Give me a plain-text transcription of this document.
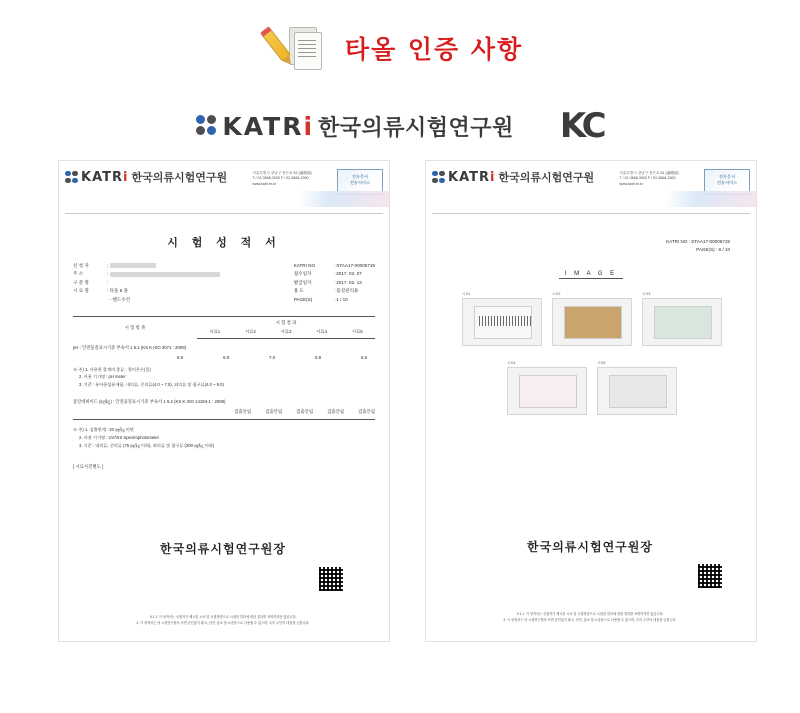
타올 인증 사항
KATRi 한국의류시험연구원 KC
KATRi 한국의류시험연구원	서울특별시 강남구 봉은로 51 (論峴洞)
T / 02-3668-3000 F / 02-3668-2900
www.katri.re.kr
전자문서
전송서비스
시 험 성 적 서
신 청 자	:
주 소	:
구 분 명	:
시 료 명	: 타올 5 종
- 핸드수건
KATRI NO	: STAA17-00006719
접수일자	: 2017. 02. 07
발급일자	: 2017. 02. 13
용 도	: 품질관리용
PAGE(S)	: 1 / 10
시 험 항 목	시 험 결 과				
	시료1	시료2	시료3	시료4	시료5
pH : 안전품질표시기준 부속서 1 5.1 (KS K ISO 3071 : 2009)
6.9	6.8	7.0	6.8	6.5
※ 주) 1. 사용한 물계의 종류 : 혈이온수(물)
2. 사용 기기명 : pH meter
3. 기준 : 유아용섬유제품, 내의류, 중의류(4.0 ~ 7.5), 외의류 및 침구류(4.0 ~ 9.0)
폼알데하이드 (㎎/㎏) : 안전품질표시기준 부속서 1 5.2 (KS K ISO 14184-1 : 2009)
검출안됨	검출안됨	검출안됨	검출안됨	검출안됨
※ 주) 1. 검출한계 : 20 ㎎/㎏ 미만
2. 사용 기기명 : UV/VIS Spectrophotometer
3. 기준 : 내의류, 중의류 (75 ㎎/㎏ 이하), 외의류 및 침구류 (300 ㎎/㎏ 이하)
[ 시료사진별도 ]
KATRi 한국의류시험연구원	서울특별시 강남구 봉은로 51 (論峴洞)
T / 02-3668-3000 F / 02-3668-2900
www.katri.re.kr
전자문서
전송서비스
KATRI NO : STAA17-00006719
PAGE(S) : 8 / 10
I M A G E
시료1	시료2	시료3
시료4	시료5
한국의류시험연구원장
※1 1. 이 성적서는 신청자가 제시한 시료 및 시험방법으로 시험한 결과에 대한 결과를 표명하지만 않습니다.
2. 이 성적서는 당 시험연구원의 서면 승인없이 광고, 선전, 홍보 및 소송용으로 사용할 수 없으며, 특히 무단의 내용을 금합니다.
한국의류시험연구원장
※1 1. 이 성적서는 신청자가 제시한 시료 및 시험방법으로 시험한 결과에 대한 결과를 표명하지만 않습니다.
2. 이 성적서는 당 시험연구원의 서면 승인없이 광고, 선전, 홍보 및 소송용으로 사용할 수 없으며, 특히 무단의 내용을 금합니다.
